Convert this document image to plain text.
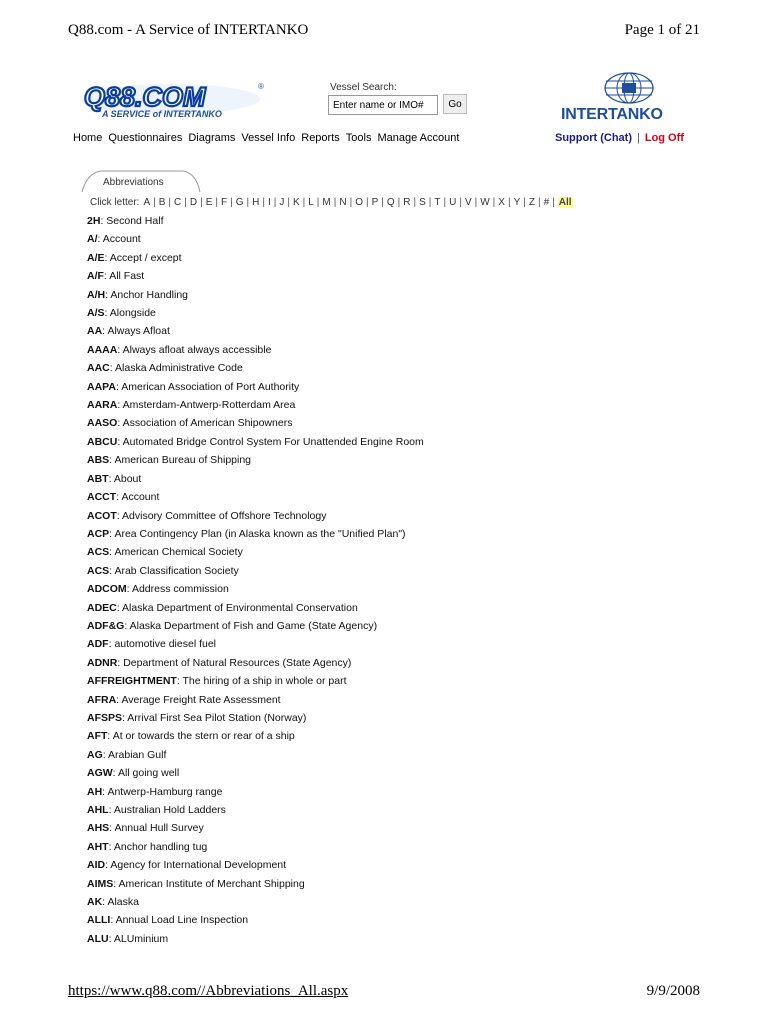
Q88.com - A Service of INTERTANKO	Page 1 of 21
Q88.COM
A SERVICE of INTERTANKO
®	Vessel Search:
Enter name or IMO#
Go
INTERTANKO
Home Questionnaires Diagrams Vessel Info Reports Tools Manage Account	Support (Chat) | Log Off
Abbreviations
Click letter: A | B | C | D | E | F | G | H | I | J | K | L | M | N | O | P | Q | R | S | T | U | V | W | X | Y | Z | # | All
2H: Second Half
A/: Account
A/E: Accept / except
A/F: All Fast
A/H: Anchor Handling
A/S: Alongside
AA: Always Afloat
AAAA: Always afloat always accessible
AAC: Alaska Administrative Code
AAPA: American Association of Port Authority
AARA: Amsterdam-Antwerp-Rotterdam Area
AASO: Association of American Shipowners
ABCU: Automated Bridge Control System For Unattended Engine Room
ABS: American Bureau of Shipping
ABT: About
ACCT: Account
ACOT: Advisory Committee of Offshore Technology
ACP: Area Contingency Plan (in Alaska known as the "Unified Plan")
ACS: American Chemical Society
ACS: Arab Classification Society
ADCOM: Address commission
ADEC: Alaska Department of Environmental Conservation
ADF&G: Alaska Department of Fish and Game (State Agency)
ADF: automotive diesel fuel
ADNR: Department of Natural Resources (State Agency)
AFFREIGHTMENT: The hiring of a ship in whole or part
AFRA: Average Freight Rate Assessment
AFSPS: Arrival First Sea Pilot Station (Norway)
AFT: At or towards the stern or rear of a ship
AG: Arabian Gulf
AGW: All going well
AH: Antwerp-Hamburg range
AHL: Australian Hold Ladders
AHS: Annual Hull Survey
AHT: Anchor handling tug
AID: Agency for International Development
AIMS: American Institute of Merchant Shipping
AK: Alaska
ALLI: Annual Load Line Inspection
ALU: ALUminium
https://www.q88.com//Abbreviations_All.aspx	9/9/2008
